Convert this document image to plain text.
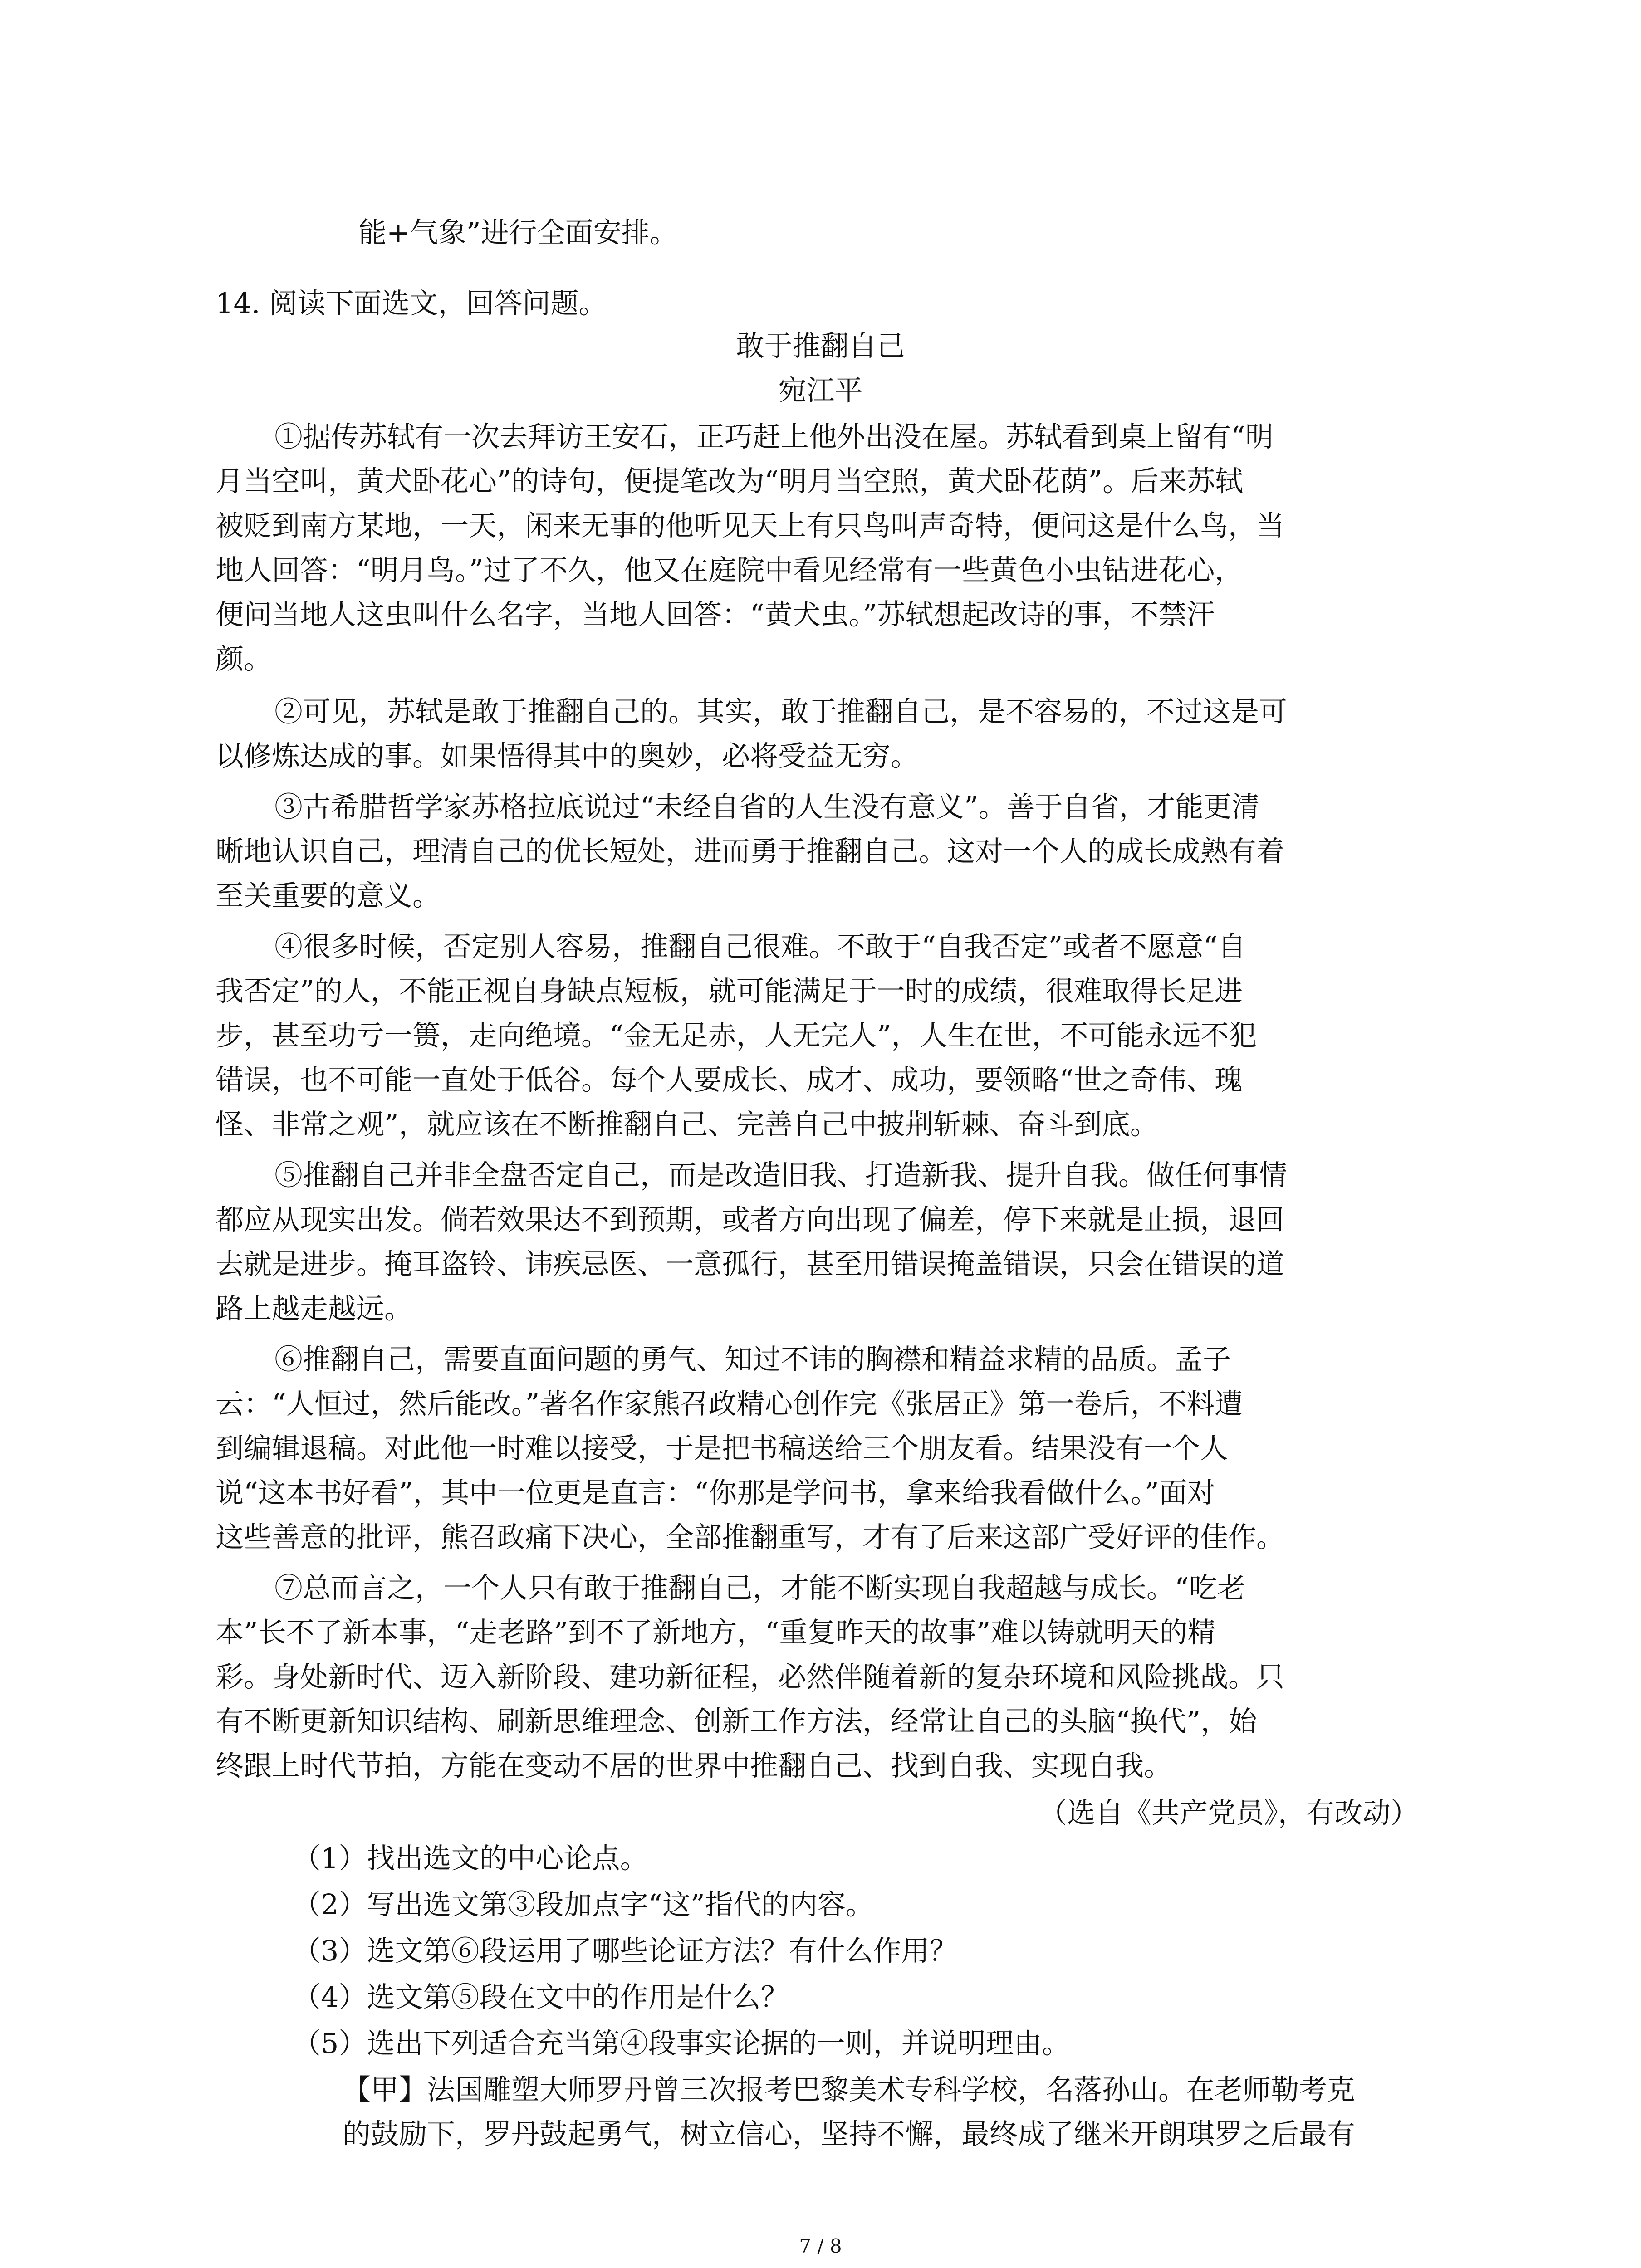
能+气象”进行全面安排。
14. 阅读下面选文，回答问题。
敢于推翻自己
宛江平
①据传苏轼有一次去拜访王安石，正巧赶上他外出没在屋。苏轼看到桌上留有“明
月当空叫，黄犬卧花心”的诗句，便提笔改为“明月当空照，黄犬卧花荫”。后来苏轼
被贬到南方某地，一天，闲来无事的他听见天上有只鸟叫声奇特，便问这是什么鸟，当
地人回答：“明月鸟。”过了不久，他又在庭院中看见经常有一些黄色小虫钻进花心，
便问当地人这虫叫什么名字，当地人回答：“黄犬虫。”苏轼想起改诗的事，不禁汗
颜。
②可见，苏轼是敢于推翻自己的。其实，敢于推翻自己，是不容易的，不过这是可
以修炼达成的事。如果悟得其中的奥妙，必将受益无穷。
③古希腊哲学家苏格拉底说过“未经自省的人生没有意义”。善于自省，才能更清
晰地认识自己，理清自己的优长短处，进而勇于推翻自己。这对一个人的成长成熟有着
至关重要的意义。
④很多时候，否定别人容易，推翻自己很难。不敢于“自我否定”或者不愿意“自
我否定”的人，不能正视自身缺点短板，就可能满足于一时的成绩，很难取得长足进
步，甚至功亏一篑，走向绝境。“金无足赤，人无完人”，人生在世，不可能永远不犯
错误，也不可能一直处于低谷。每个人要成长、成才、成功，要领略“世之奇伟、瑰
怪、非常之观”，就应该在不断推翻自己、完善自己中披荆斩棘、奋斗到底。
⑤推翻自己并非全盘否定自己，而是改造旧我、打造新我、提升自我。做任何事情
都应从现实出发。倘若效果达不到预期，或者方向出现了偏差，停下来就是止损，退回
去就是进步。掩耳盗铃、讳疾忌医、一意孤行，甚至用错误掩盖错误，只会在错误的道
路上越走越远。
⑥推翻自己，需要直面问题的勇气、知过不讳的胸襟和精益求精的品质。孟子
云：“人恒过，然后能改。”著名作家熊召政精心创作完《张居正》第一卷后，不料遭
到编辑退稿。对此他一时难以接受，于是把书稿送给三个朋友看。结果没有一个人
说“这本书好看”，其中一位更是直言：“你那是学问书，拿来给我看做什么。”面对
这些善意的批评，熊召政痛下决心，全部推翻重写，才有了后来这部广受好评的佳作。
⑦总而言之，一个人只有敢于推翻自己，才能不断实现自我超越与成长。“吃老
本”长不了新本事，“走老路”到不了新地方，“重复昨天的故事”难以铸就明天的精
彩。身处新时代、迈入新阶段、建功新征程，必然伴随着新的复杂环境和风险挑战。只
有不断更新知识结构、刷新思维理念、创新工作方法，经常让自己的头脑“换代”，始
终跟上时代节拍，方能在变动不居的世界中推翻自己、找到自我、实现自我。
（选自《共产党员》，有改动）
（1）找出选文的中心论点。
（2）写出选文第③段加点字“这”指代的内容。
（3）选文第⑥段运用了哪些论证方法？有什么作用？
（4）选文第⑤段在文中的作用是什么？
（5）选出下列适合充当第④段事实论据的一则，并说明理由。
【甲】法国雕塑大师罗丹曾三次报考巴黎美术专科学校，名落孙山。在老师勒考克
的鼓励下，罗丹鼓起勇气，树立信心，坚持不懈，最终成了继米开朗琪罗之后最有
7 / 8
